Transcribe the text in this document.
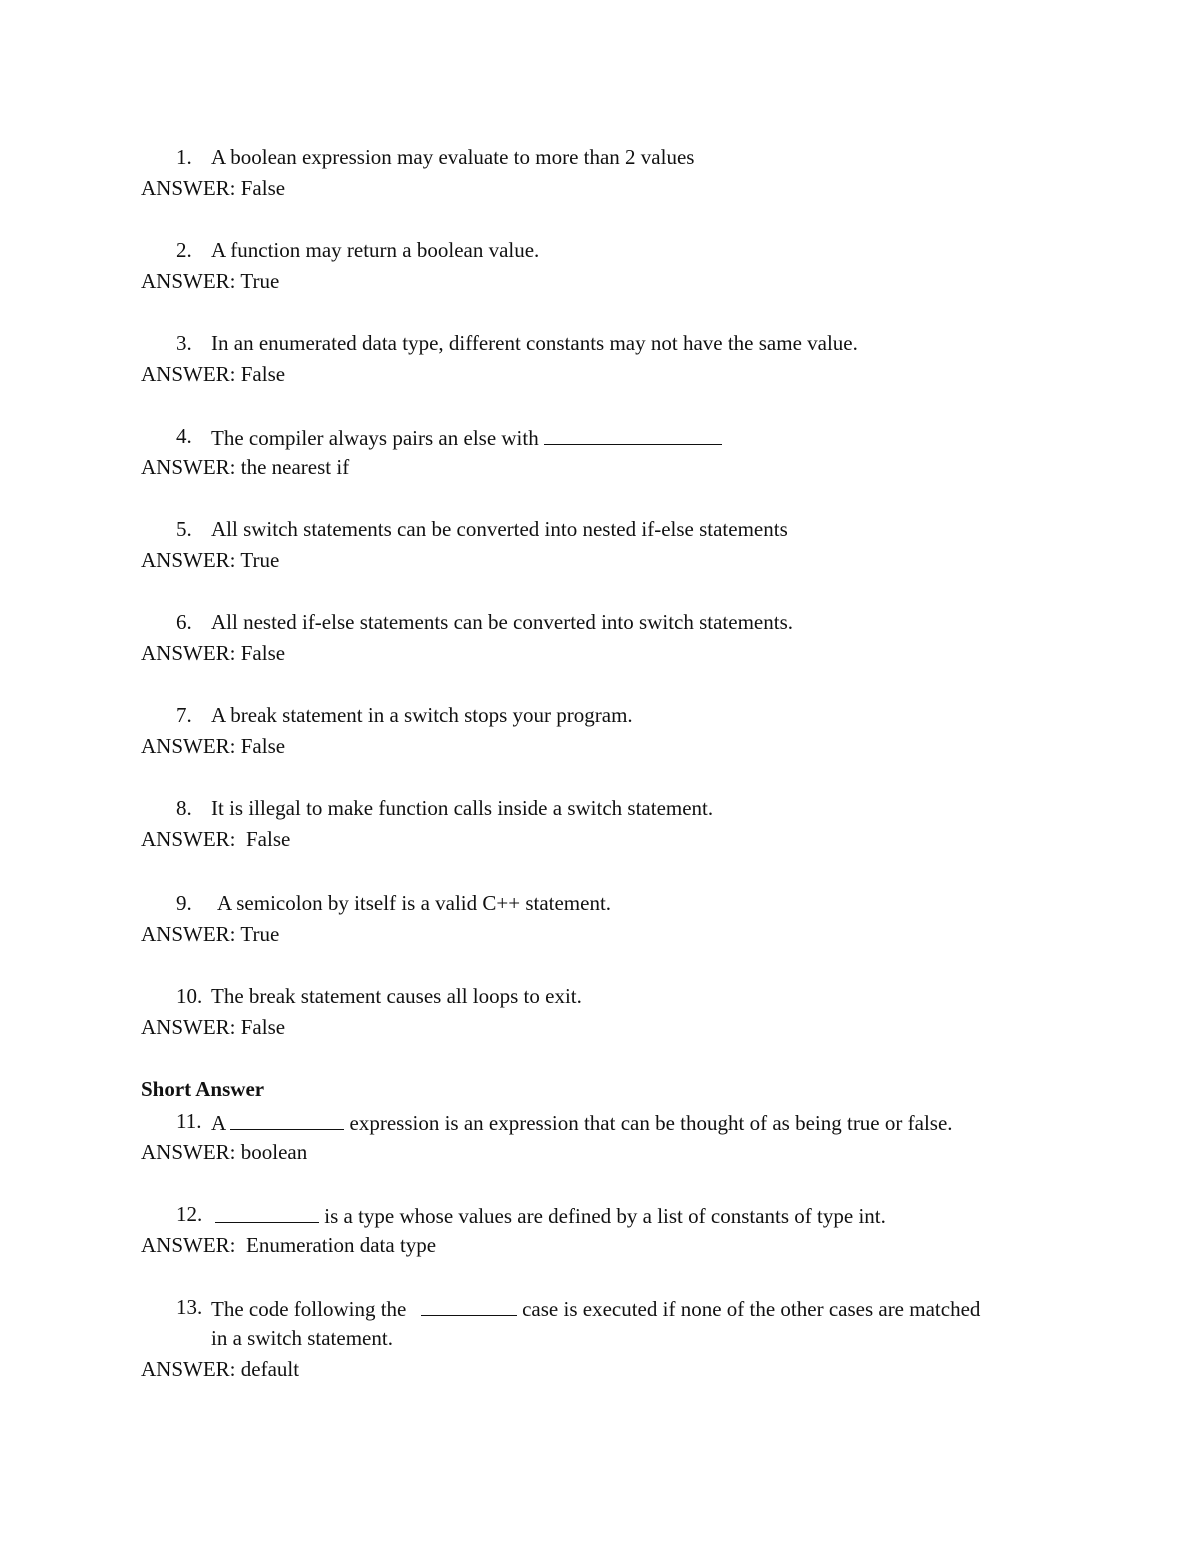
1. A boolean expression may evaluate to more than 2 values
ANSWER: False
2. A function may return a boolean value.
ANSWER: True
3. In an enumerated data type, different constants may not have the same value.
ANSWER: False
4. The compiler always pairs an else with
ANSWER: the nearest if
5. All switch statements can be converted into nested if-else statements
ANSWER: True
6. All nested if-else statements can be converted into switch statements.
ANSWER: False
7. A break statement in a switch stops your program.
ANSWER: False
8. It is illegal to make function calls inside a switch statement.
ANSWER:  False
9. A semicolon by itself is a valid C++ statement.
ANSWER: True
10. The break statement causes all loops to exit.
ANSWER: False
Short Answer
11. A	expression is an expression that can be thought of as being true or false.
ANSWER: boolean
12.	is a type whose values are defined by a list of constants of type int.
ANSWER:  Enumeration data type
13. The code following the	case is executed if none of the other cases are matched
in a switch statement.
ANSWER: default
